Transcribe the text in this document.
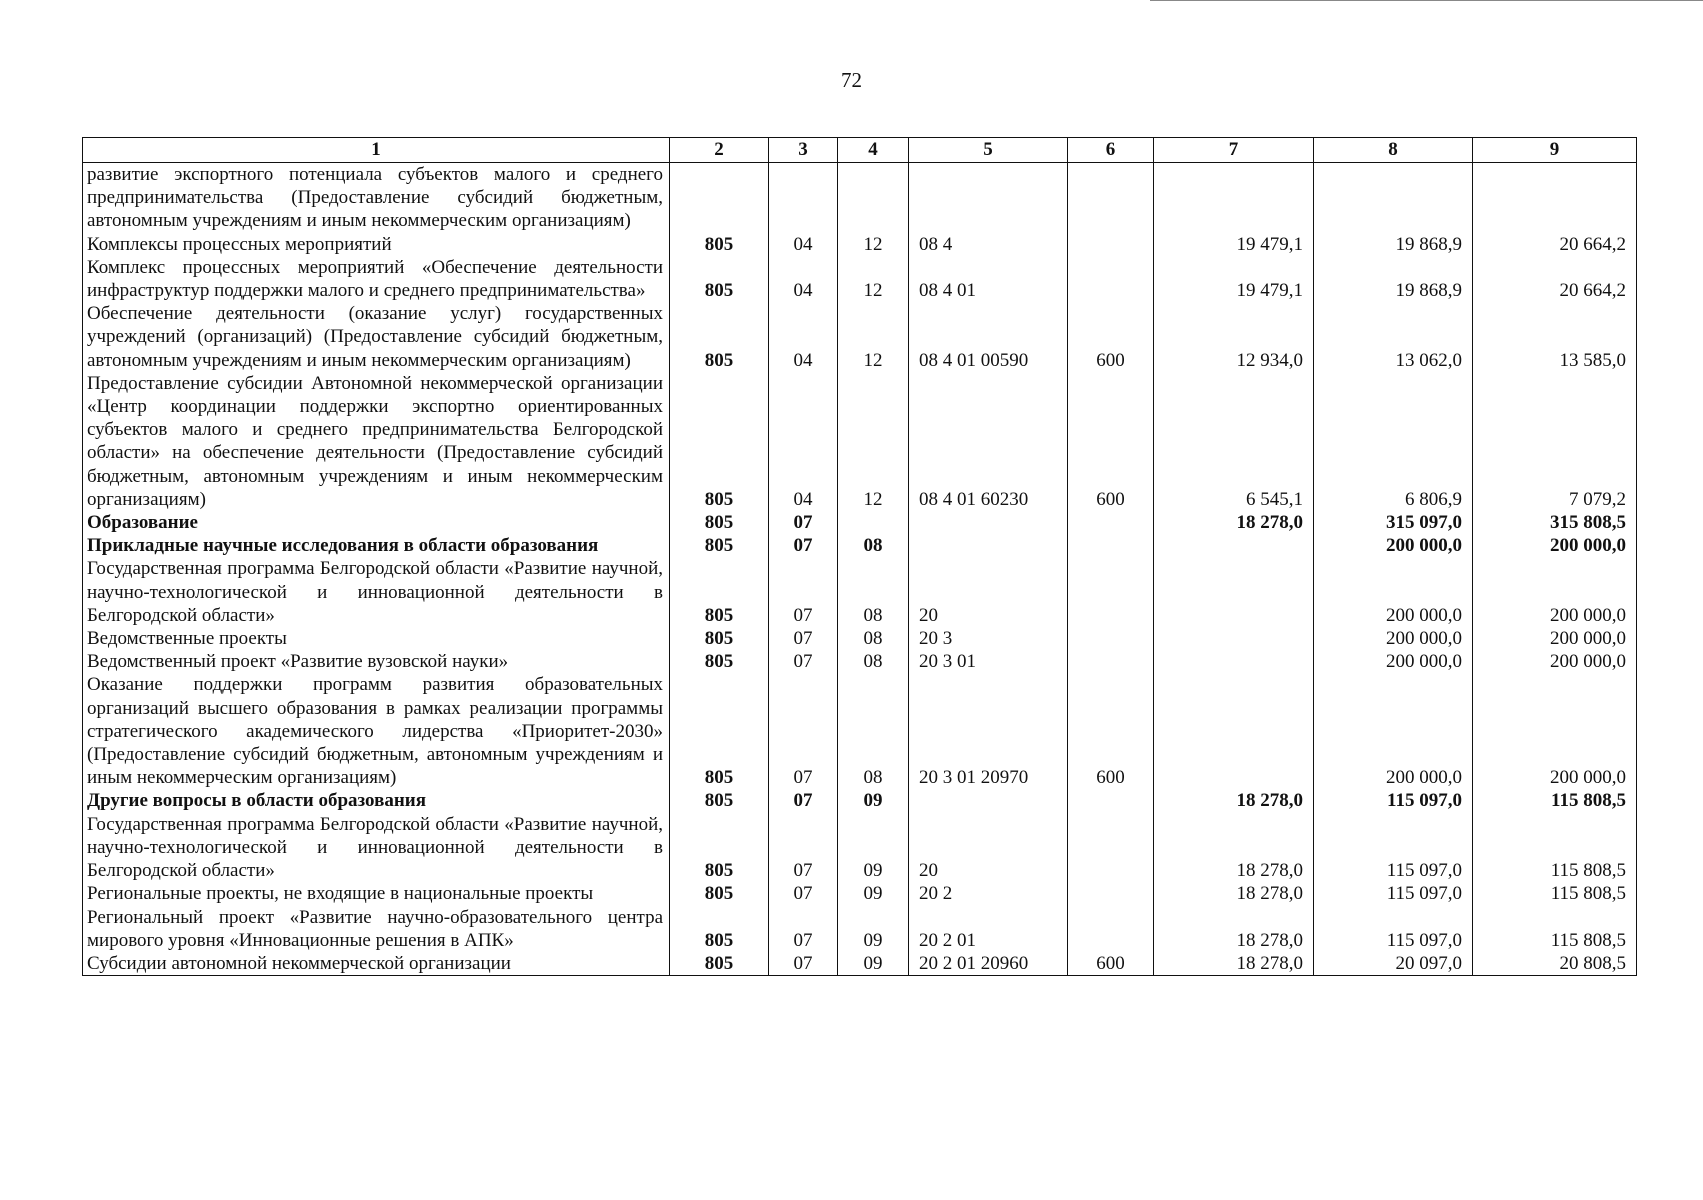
72
1	2	3	4	5	6	7	8	9
развитие экспортного потенциала субъектов малого и среднего предпринимательства (Предоставление субсидий бюджетным, автономным учреждениям и иным некоммерческим организациям)								
Комплексы процессных мероприятий	805	04	12	08 4		19 479,1	19 868,9	20 664,2
Комплекс процессных мероприятий «Обеспечение деятельности инфраструктур поддержки малого и среднего предпринимательства»	805	04	12	08 4 01		19 479,1	19 868,9	20 664,2
Обеспечение деятельности (оказание услуг) государственных учреждений (организаций) (Предоставление субсидий бюджетным, автономным учреждениям и иным некоммерческим организациям)	805	04	12	08 4 01 00590	600	12 934,0	13 062,0	13 585,0
Предоставление субсидии Автономной некоммерческой организации «Центр координации поддержки экспортно ориентированных субъектов малого и среднего предпринимательства Белгородской области» на обеспечение деятельности (Предоставление субсидий бюджетным, автономным учреждениям и иным некоммерческим организациям)	805	04	12	08 4 01 60230	600	6 545,1	6 806,9	7 079,2
Образование	805	07				18 278,0	315 097,0	315 808,5
Прикладные научные исследования в области образования	805	07	08				200 000,0	200 000,0
Государственная программа Белгородской области «Развитие научной, научно-технологической и инновационной деятельности в Белгородской области»	805	07	08	20			200 000,0	200 000,0
Ведомственные проекты	805	07	08	20 3			200 000,0	200 000,0
Ведомственный проект «Развитие вузовской науки»	805	07	08	20 3 01			200 000,0	200 000,0
Оказание поддержки программ развития образовательных организаций высшего образования в рамках реализации программы стратегического академического лидерства «Приоритет-2030» (Предоставление субсидий бюджетным, автономным учреждениям и иным некоммерческим организациям)	805	07	08	20 3 01 20970	600		200 000,0	200 000,0
Другие вопросы в области образования	805	07	09			18 278,0	115 097,0	115 808,5
Государственная программа Белгородской области «Развитие научной, научно-технологической и инновационной деятельности в Белгородской области»	805	07	09	20		18 278,0	115 097,0	115 808,5
Региональные проекты, не входящие в национальные проекты	805	07	09	20 2		18 278,0	115 097,0	115 808,5
Региональный проект «Развитие научно-образовательного центра мирового уровня «Инновационные решения в АПК»	805	07	09	20 2 01		18 278,0	115 097,0	115 808,5
Субсидии автономной некоммерческой организации	805	07	09	20 2 01 20960	600	18 278,0	20 097,0	20 808,5
